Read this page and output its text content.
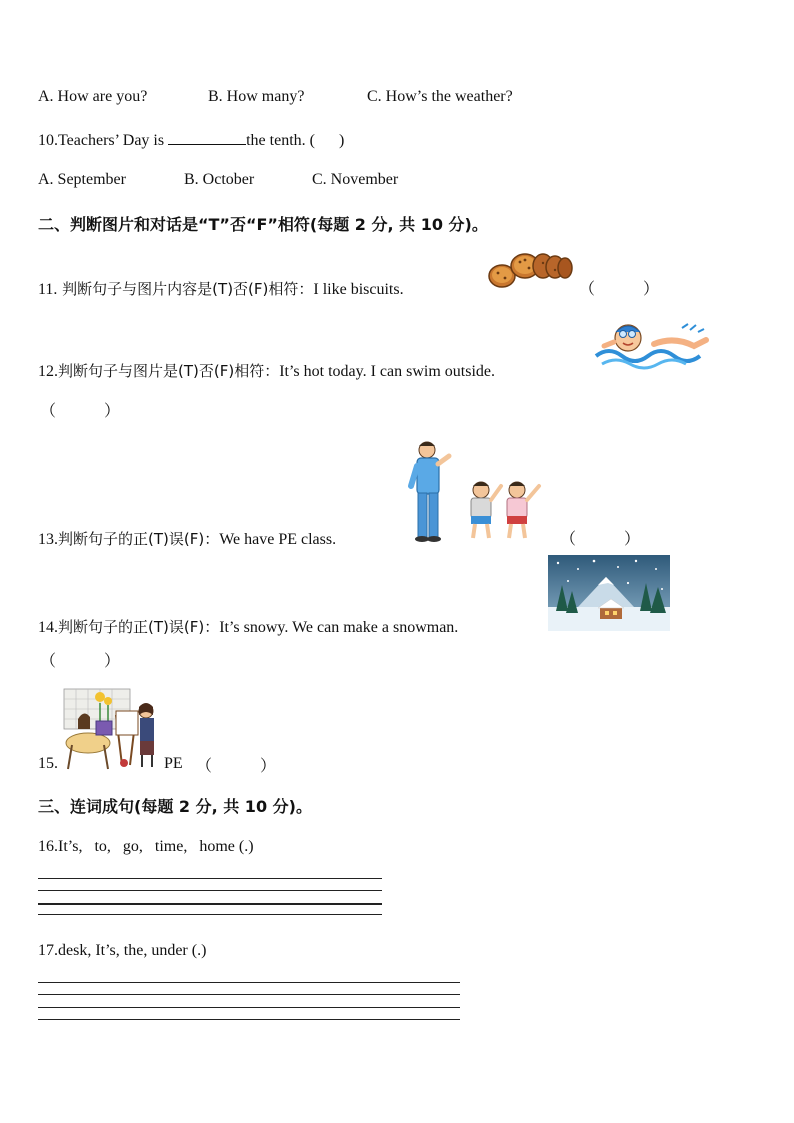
A. How are you?	B. How many?	C. How’s the weather?
10.Teachers’ Day is	the tenth. ( )
A. September	B. October	C. November
二、判断图片和对话是“T”否“F”相符(每题 2 分, 共 10 分)。
11. 判断句子与图片内容是(T)否(F)相符：I like biscuits.	（　　　）
12.判断句子与图片是(T)否(F)相符：It’s hot today. I can swim outside.
（　　　）
13.判断句子的正(T)误(F)：We have PE class.	（　　　）
14.判断句子的正(T)误(F)：It’s snowy. We can make a snowman.
（　　　）
15.	PE （　　　）
三、连词成句(每题 2 分, 共 10 分)。
16.It’s,   to,   go,   time,   home (.)
17.desk, It’s, the, under (.)
